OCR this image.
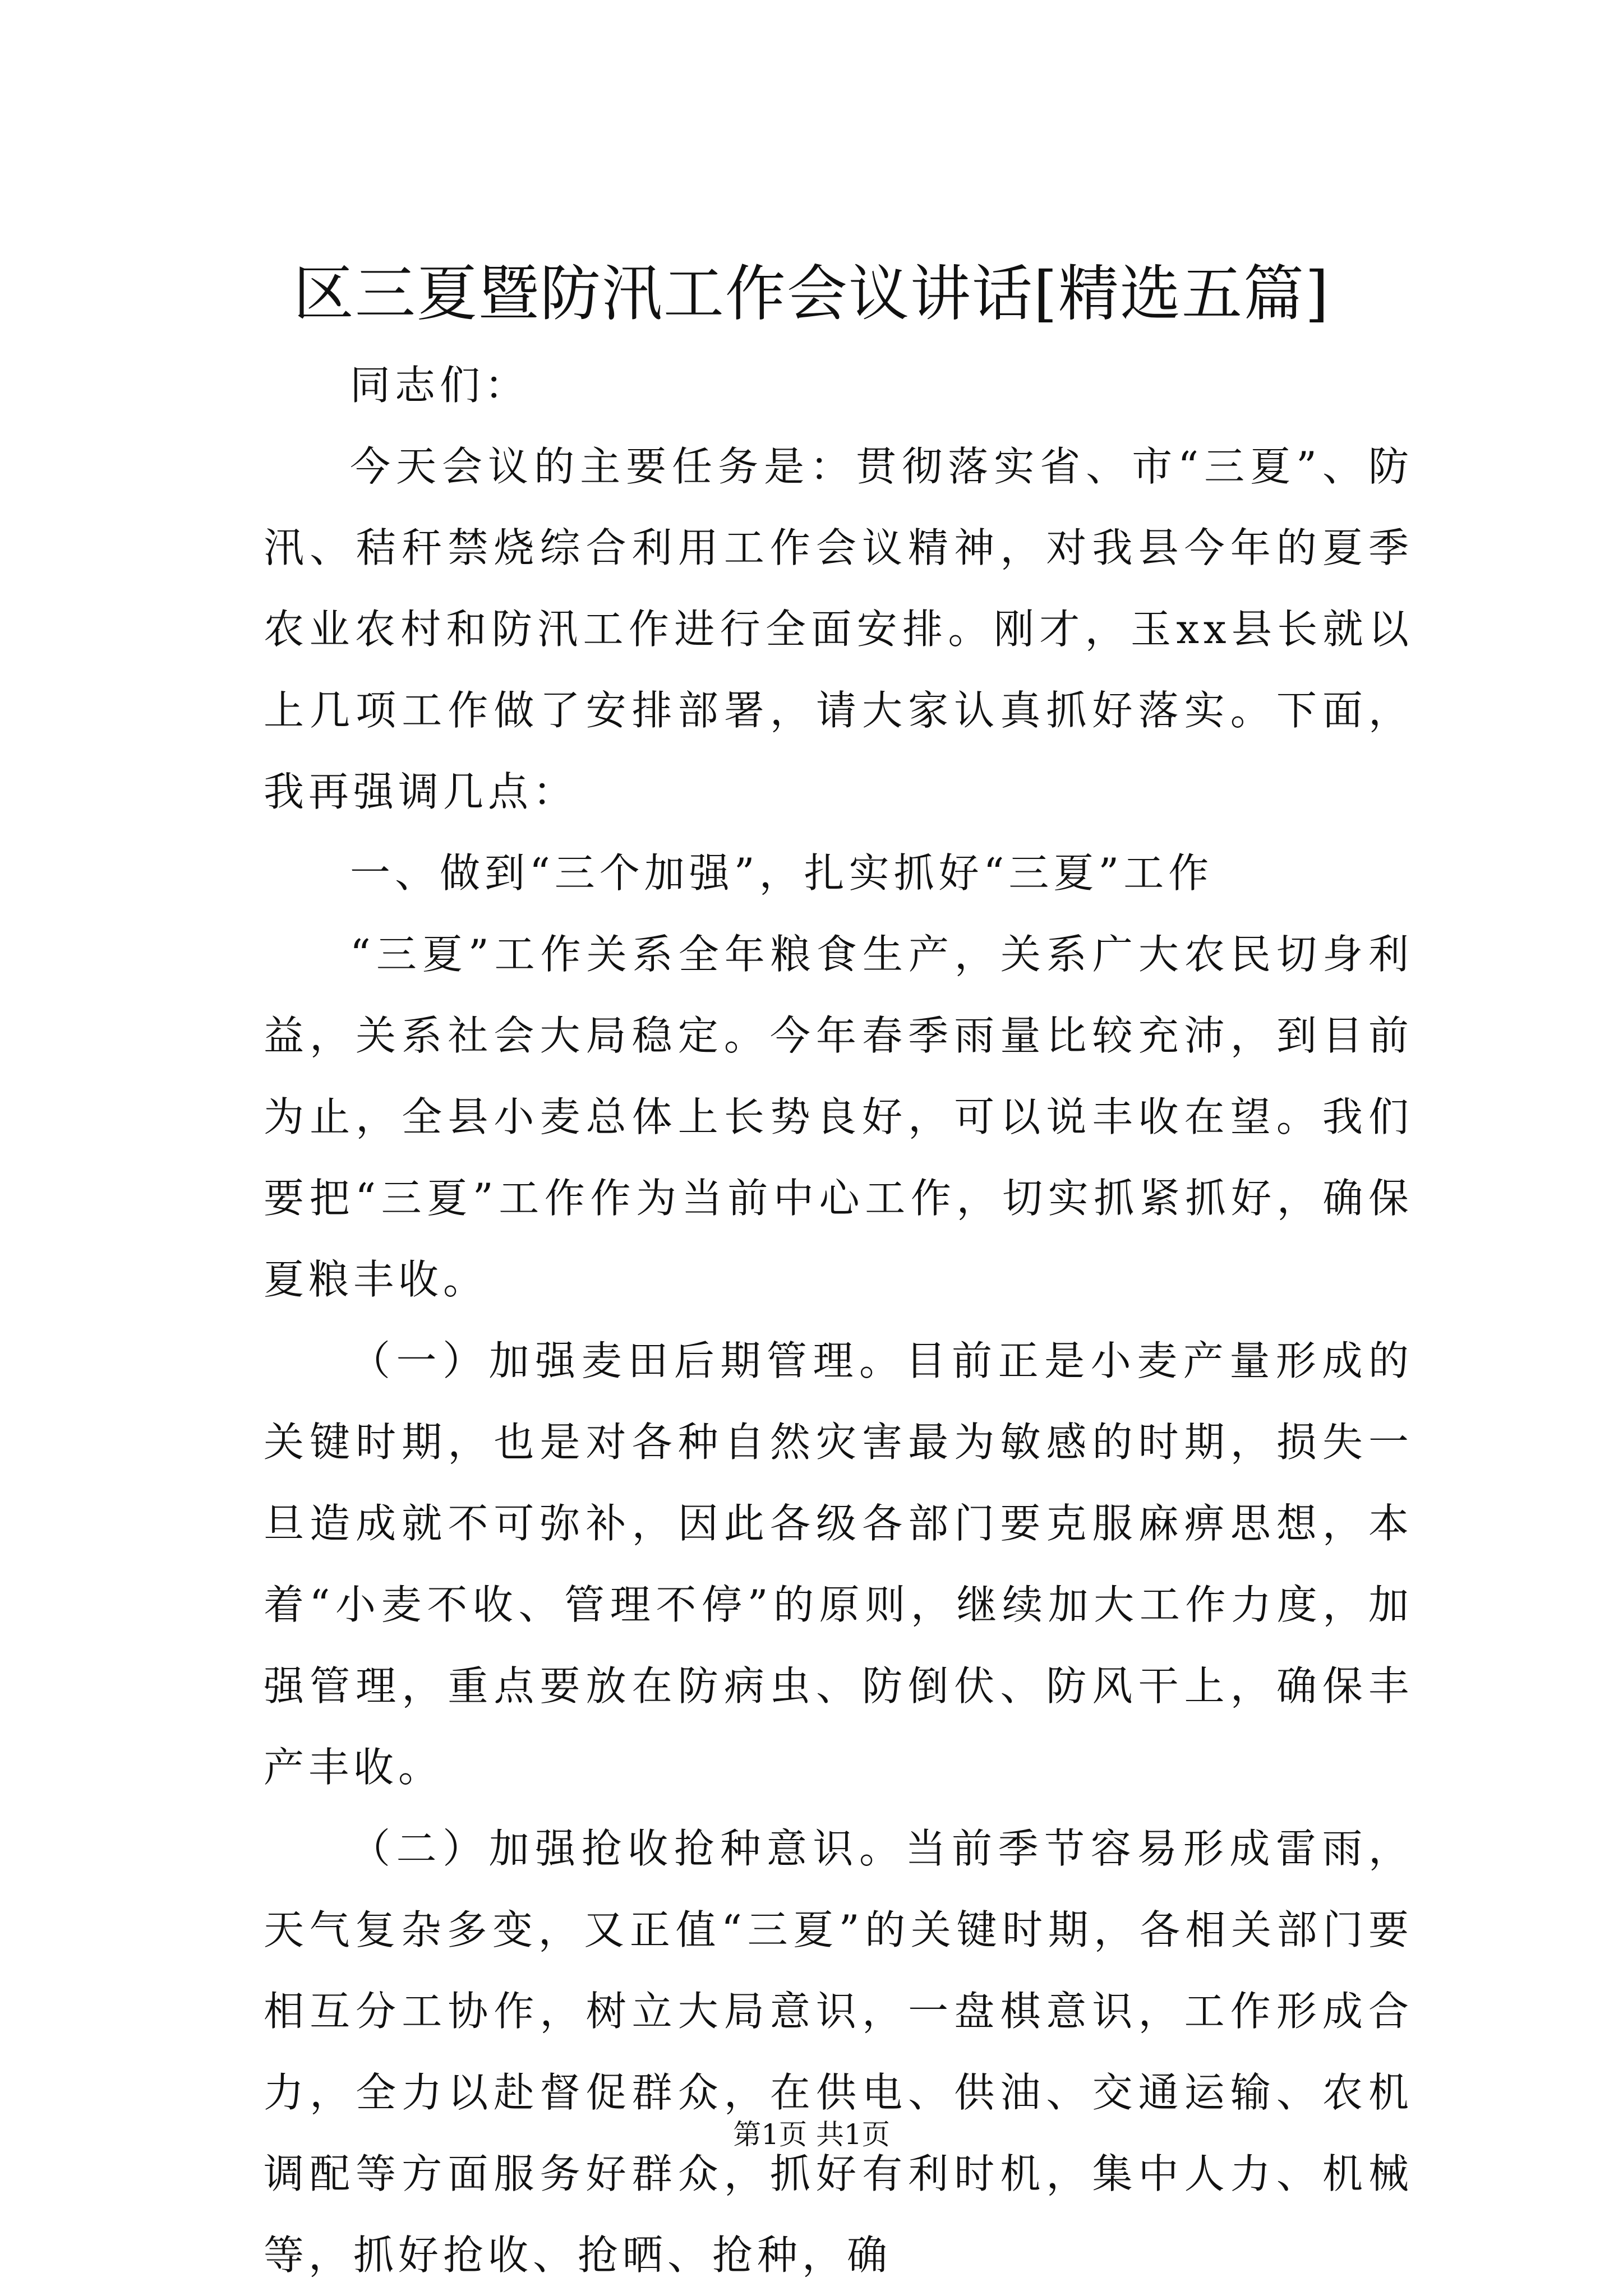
区三夏暨防汛工作会议讲话[精选五篇]

同志们：

今天会议的主要任务是：贯彻落实省、市“三夏”、防汛、秸秆禁烧综合利用工作会议精神，对我县今年的夏季农业农村和防汛工作进行全面安排。刚才，玉xx县长就以上几项工作做了安排部署，请大家认真抓好落实。下面，我再强调几点：

一、做到“三个加强”，扎实抓好“三夏”工作

“三夏”工作关系全年粮食生产，关系广大农民切身利益，关系社会大局稳定。今年春季雨量比较充沛，到目前为止，全县小麦总体上长势良好，可以说丰收在望。我们要把“三夏”工作作为当前中心工作，切实抓紧抓好，确保夏粮丰收。

（一）加强麦田后期管理。目前正是小麦产量形成的关键时期，也是对各种自然灾害最为敏感的时期，损失一旦造成就不可弥补，因此各级各部门要克服麻痹思想，本着“小麦不收、管理不停”的原则，继续加大工作力度，加强管理，重点要放在防病虫、防倒伏、防风干上，确保丰产丰收。

（二）加强抢收抢种意识。当前季节容易形成雷雨，天气复杂多变，又正值“三夏”的关键时期，各相关部门要相互分工协作，树立大局意识，一盘棋意识，工作形成合力，全力以赴督促群众，在供电、供油、交通运输、农机调配等方面服务好群众，抓好有利时机，集中人力、机械等，抓好抢收、抢晒、抢种，确

第1页 共1页
